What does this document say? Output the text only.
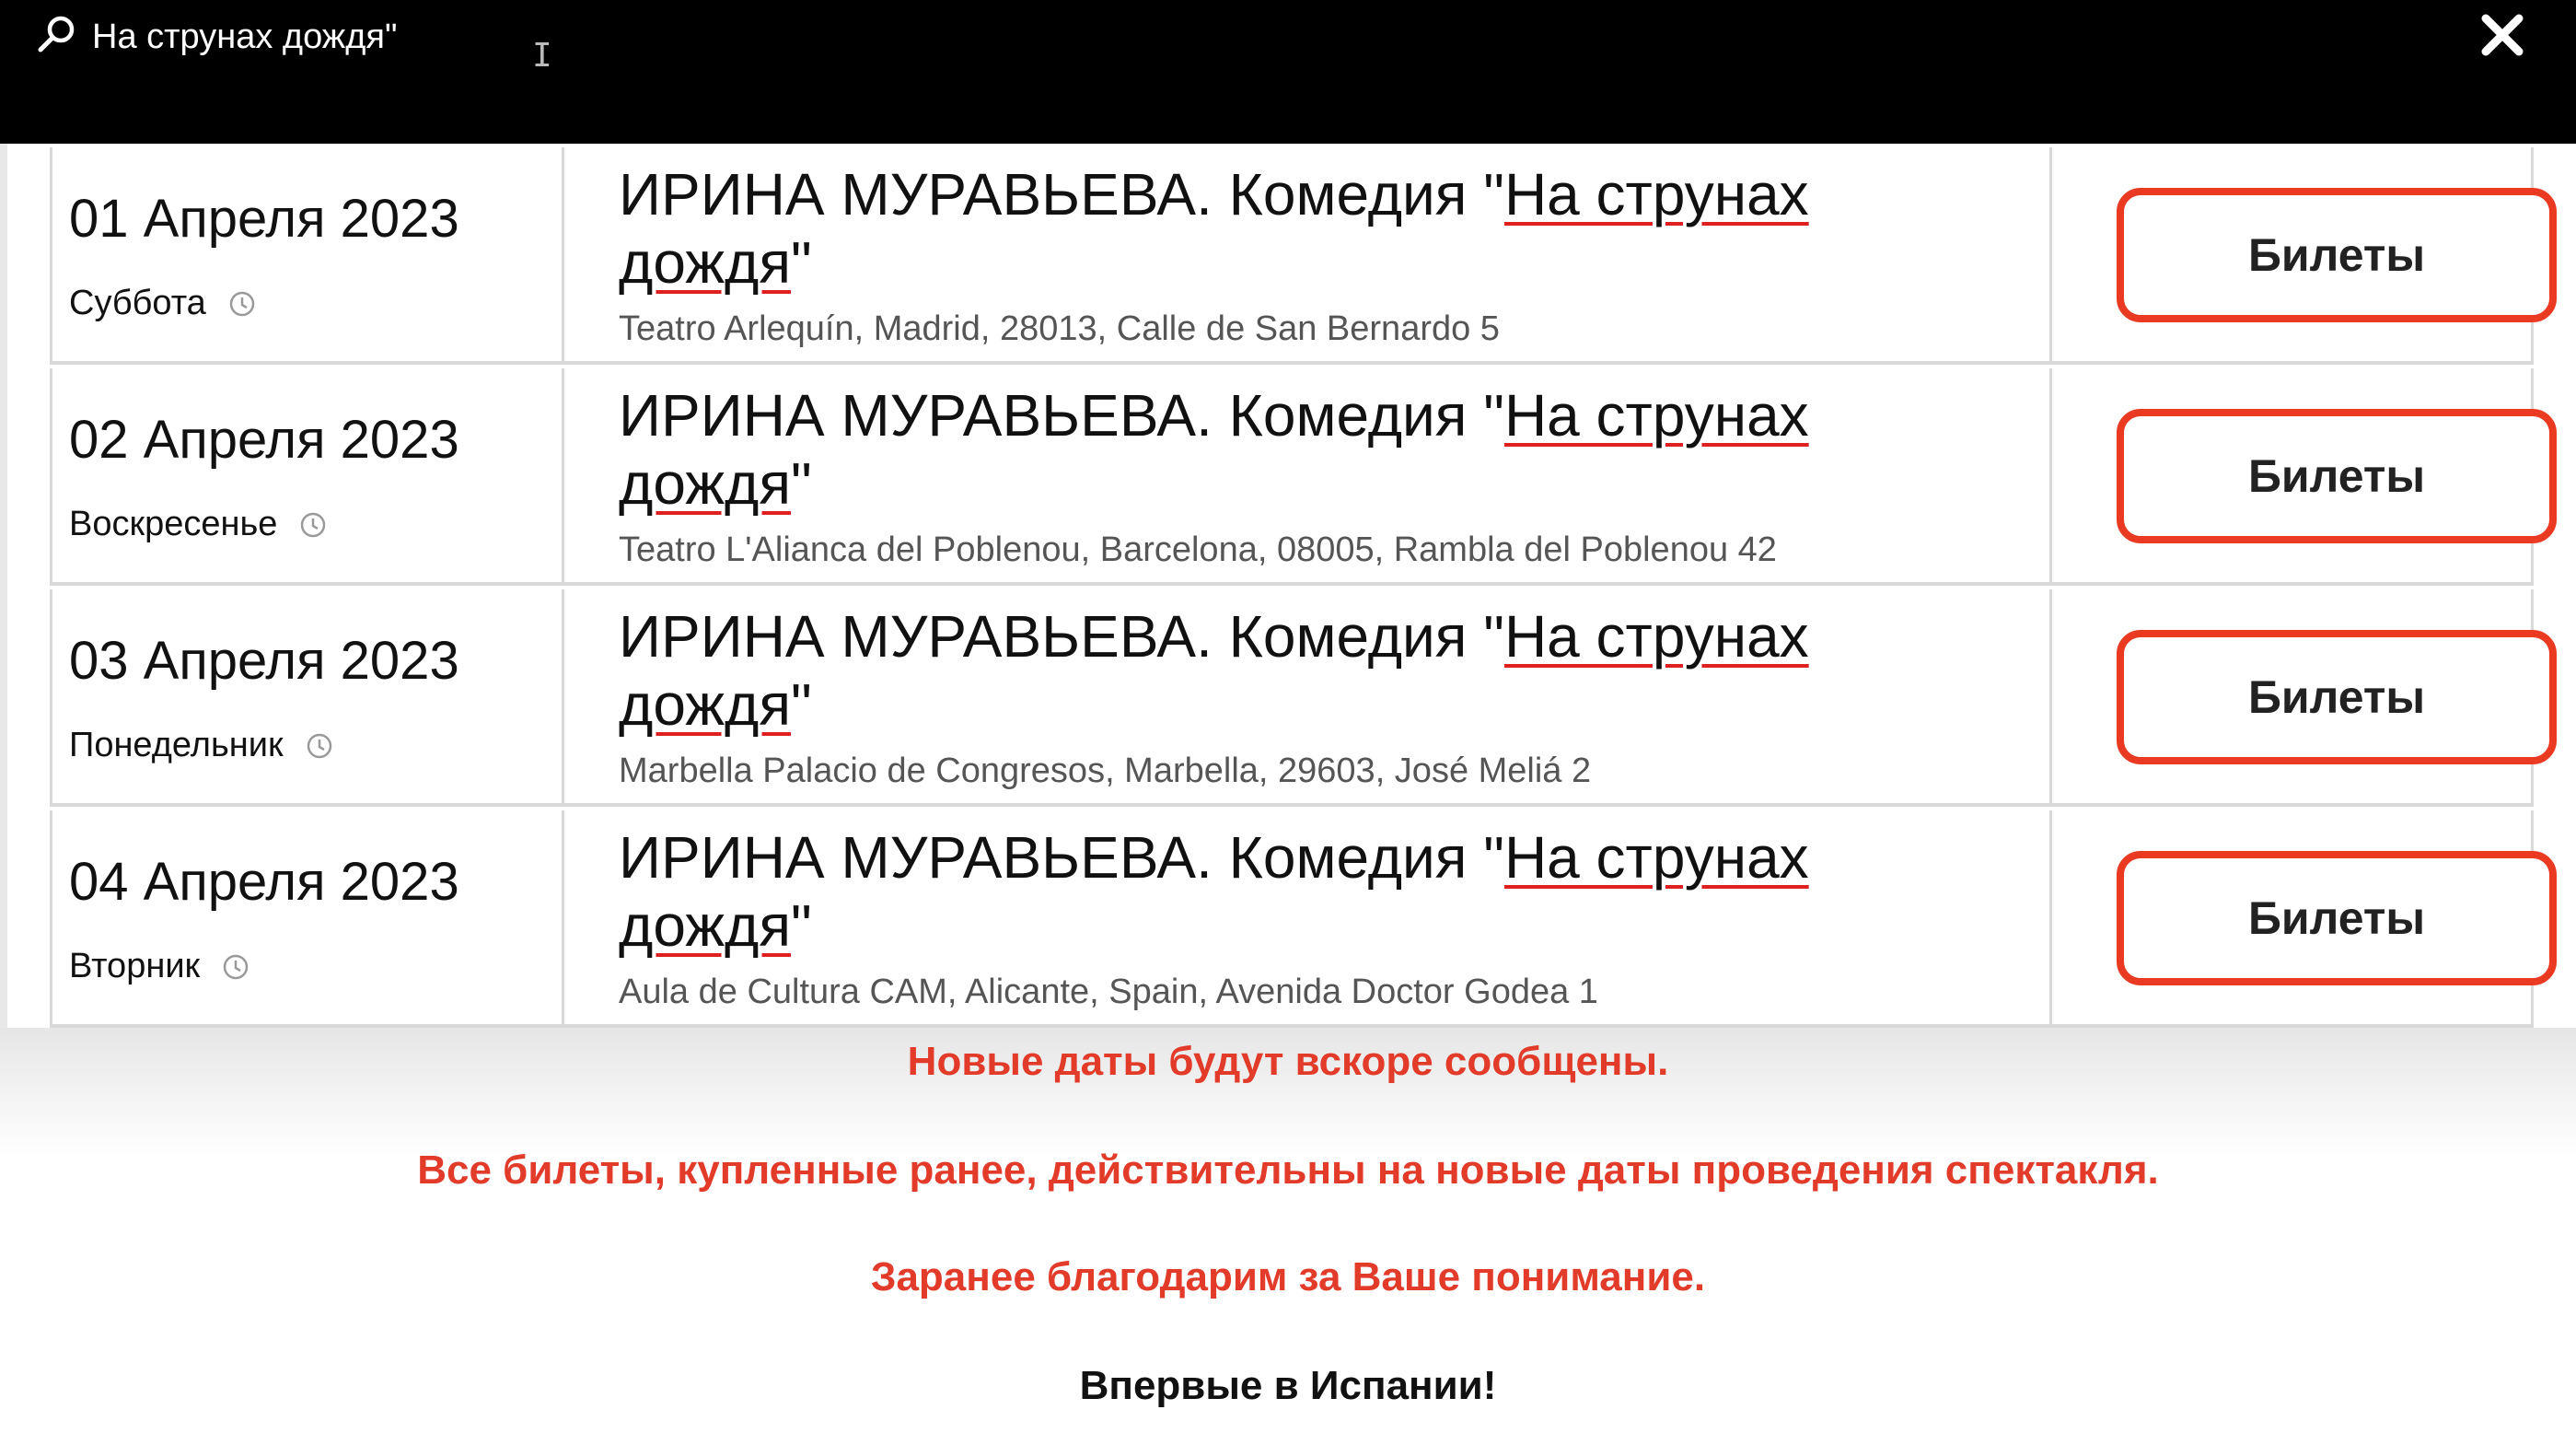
На струнах дождя"
I
01 Апреля 2023
Суббота
ИРИНА МУРАВЬЕВА. Комедия "На струнах дождя"
Teatro Arlequín, Madrid, 28013, Calle de San Bernardo 5
Билеты
02 Апреля 2023
Воскресенье
ИРИНА МУРАВЬЕВА. Комедия "На струнах дождя"
Teatro L'Alianca del Poblenou, Barcelona, 08005, Rambla del Poblenou 42
Билеты
03 Апреля 2023
Понедельник
ИРИНА МУРАВЬЕВА. Комедия "На струнах дождя"
Marbella Palacio de Congresos, Marbella, 29603, José Meliá 2
Билеты
04 Апреля 2023
Вторник
ИРИНА МУРАВЬЕВА. Комедия "На струнах дождя"
Aula de Cultura CAM, Alicante, Spain, Avenida Doctor Godea 1
Билеты
Новые даты будут вскоре сообщены.
Все билеты, купленные ранее, действительны на новые даты проведения спектакля.
Заранее благодарим за Ваше понимание.
Впервые в Испании!
